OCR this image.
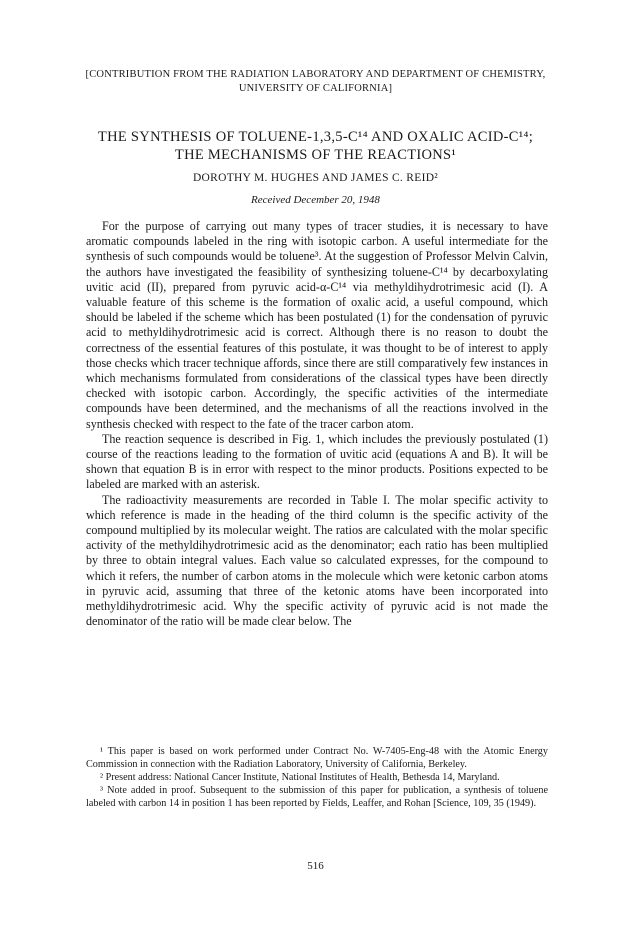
[CONTRIBUTION FROM THE RADIATION LABORATORY AND DEPARTMENT OF CHEMISTRY,
UNIVERSITY OF CALIFORNIA]
THE SYNTHESIS OF TOLUENE-1,3,5-C¹⁴ AND OXALIC ACID-C¹⁴;
THE MECHANISMS OF THE REACTIONS¹
DOROTHY M. HUGHES AND JAMES C. REID²
Received December 20, 1948

For the purpose of carrying out many types of tracer studies, it is necessary to have aromatic compounds labeled in the ring with isotopic carbon. A useful intermediate for the synthesis of such compounds would be toluene³. At the suggestion of Professor Melvin Calvin, the authors have investigated the feasibility of synthesizing toluene-C¹⁴ by decarboxylating uvitic acid (II), prepared from pyruvic acid-α-C¹⁴ via methyldihydrotrimesic acid (I). A valuable feature of this scheme is the formation of oxalic acid, a useful compound, which should be labeled if the scheme which has been postulated (1) for the condensation of pyruvic acid to methyldihydrotrimesic acid is correct. Although there is no reason to doubt the correctness of the essential features of this postulate, it was thought to be of interest to apply those checks which tracer technique affords, since there are still comparatively few instances in which mechanisms formulated from considerations of the classical types have been directly checked with isotopic carbon. Accordingly, the specific activities of the intermediate compounds have been determined, and the mechanisms of all the reactions involved in the synthesis checked with respect to the fate of the tracer carbon atom.

The reaction sequence is described in Fig. 1, which includes the previously postulated (1) course of the reactions leading to the formation of uvitic acid (equations A and B). It will be shown that equation B is in error with respect to the minor products. Positions expected to be labeled are marked with an asterisk.

The radioactivity measurements are recorded in Table I. The molar specific activity to which reference is made in the heading of the third column is the specific activity of the compound multiplied by its molecular weight. The ratios are calculated with the molar specific activity of the methyldihydrotrimesic acid as the denominator; each ratio has been multiplied by three to obtain integral values. Each value so calculated expresses, for the compound to which it refers, the number of carbon atoms in the molecule which were ketonic carbon atoms in pyruvic acid, assuming that three of the ketonic atoms have been incorporated into methyldihydrotrimesic acid. Why the specific activity of pyruvic acid is not made the denominator of the ratio will be made clear below. The

¹ This paper is based on work performed under Contract No. W-7405-Eng-48 with the Atomic Energy Commission in connection with the Radiation Laboratory, University of California, Berkeley.

² Present address: National Cancer Institute, National Institutes of Health, Bethesda 14, Maryland.

³ Note added in proof. Subsequent to the submission of this paper for publication, a synthesis of toluene labeled with carbon 14 in position 1 has been reported by Fields, Leaffer, and Rohan [Science, 109, 35 (1949).

516
